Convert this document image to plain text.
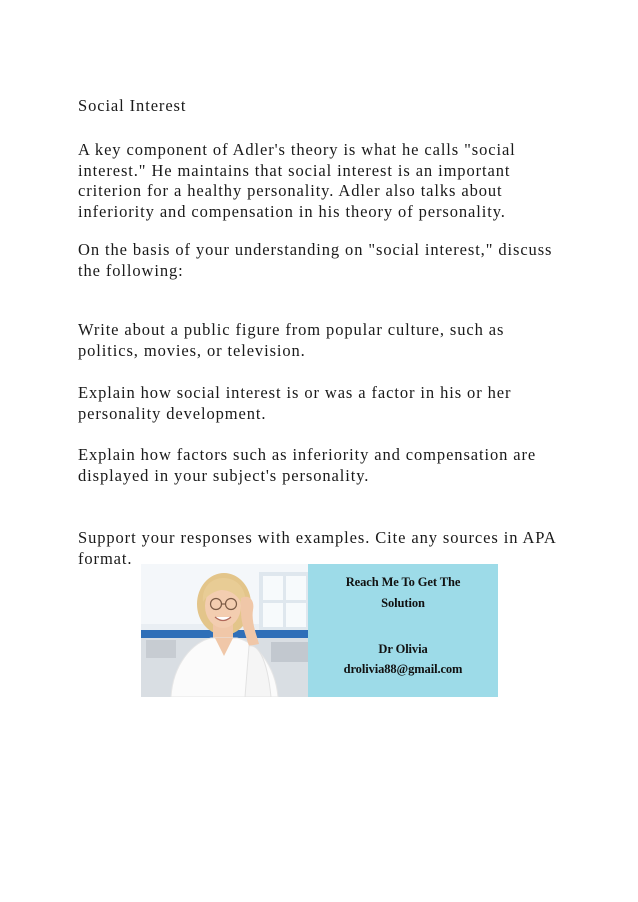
Social Interest
A key component of Adler's theory is what he calls "social interest." He maintains that social interest is an important criterion for a healthy personality. Adler also talks about inferiority and compensation in his theory of personality.
On the basis of your understanding on "social interest," discuss the following:
Write about a public figure from popular culture, such as politics, movies, or television.
Explain how social interest is or was a factor in his or her personality development.
Explain how factors such as inferiority and compensation are displayed in your subject's personality.
Support your responses with examples. Cite any sources in APA format.
Reach Me To Get The
Solution
Dr Olivia
drolivia88@gmail.com
